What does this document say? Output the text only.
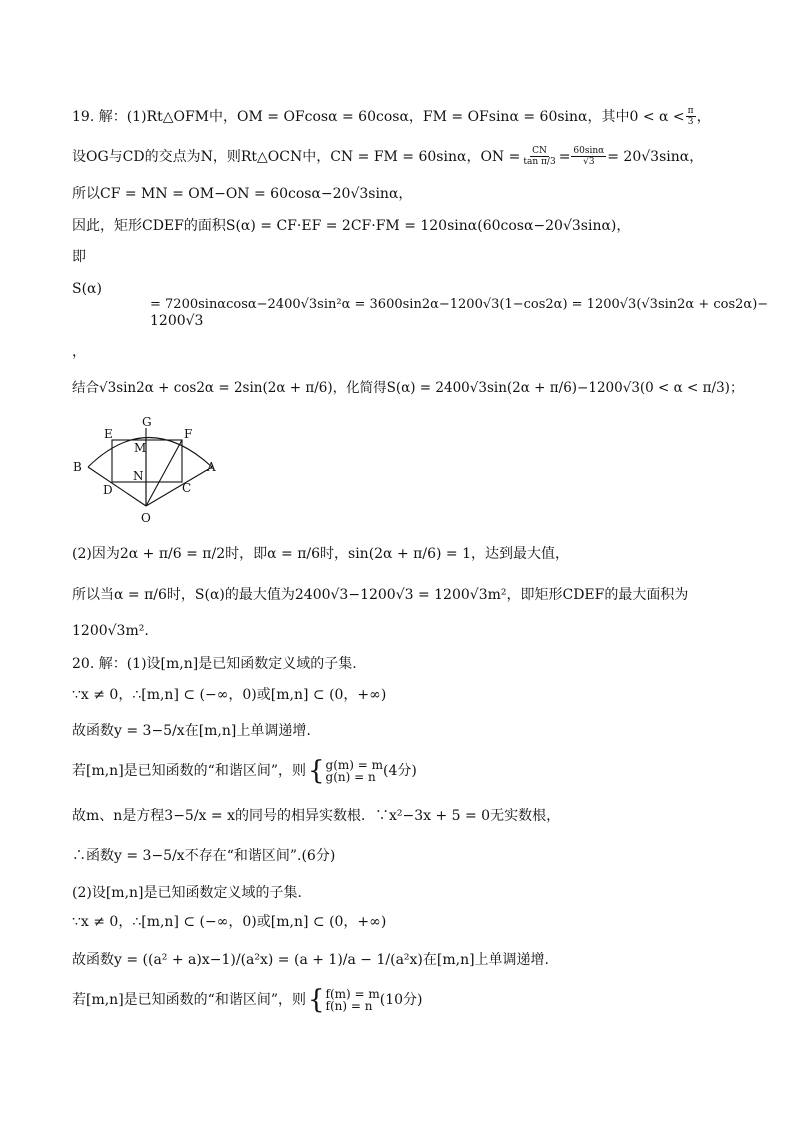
19. 解：(1)Rt△OFM中，OM = OFcosα = 60cosα，FM = OFsinα = 60sinα，其中$0 < \alpha < \frac{\pi}{3}$ ，
设OG与CD的交点为N，则Rt△OCN中，CN = FM = 60sinα，ON = $\frac{CN}{\text{tan π/3}} = \frac{60\sin\alpha}{√3} = 20√3\sin\alpha$，
所以CF = MN = OM−ON = 60cosα−20√3sinα，
因此，矩形CDEF的面积S(α) = CF·EF = 2CF·FM = 120sinα(60cosα−20√3sinα)，
即
S(α)
= 7200sinαcosα−2400√3sin²α = 3600sin2α−1200√3(1−cos2α) = 1200√3(√3sin2α + cos2α)−
1200√3
，
结合√3sin2α + cos2α = 2sin(2α + π/6)，化简得S(α) = 2400√3sin(2α + π/6)−1200√3(0 < α < π/3)；
E
G
F
M
B	A
N
D	C
O
(2)因为2α + π/6 = π/2时，即α = π/6时，sin(2α + π/6) = 1，达到最大值，
所以当α = π/6时，S(α)的最大值为2400√3−1200√3 = 1200√3m²，即矩形CDEF的最大面积为
1200√3m².
20. 解：(1)设[m,n]是已知函数定义域的子集.
∵x ≠ 0，∴[m,n] ⊂ (−∞，0)或[m,n] ⊂ (0，+∞)
故函数y = 3−5/x在[m,n]上单调递增.
若[m,n]是已知函数的“和谐区间”，则 { g(m) = m
g(n) = n (4分)
故m、n是方程3−5/x = x的同号的相异实数根．∵x²−3x + 5 = 0无实数根，
∴函数y = 3−5/x不存在“和谐区间”.(6分)
(2)设[m,n]是已知函数定义域的子集.
∵x ≠ 0，∴[m,n] ⊂ (−∞，0)或[m,n] ⊂ (0，+∞)
故函数y = ((a² + a)x−1)/(a²x) = (a + 1)/a − 1/(a²x)在[m,n]上单调递增.
若[m,n]是已知函数的“和谐区间”，则 { f(m) = m
f(n) = n (10分)
